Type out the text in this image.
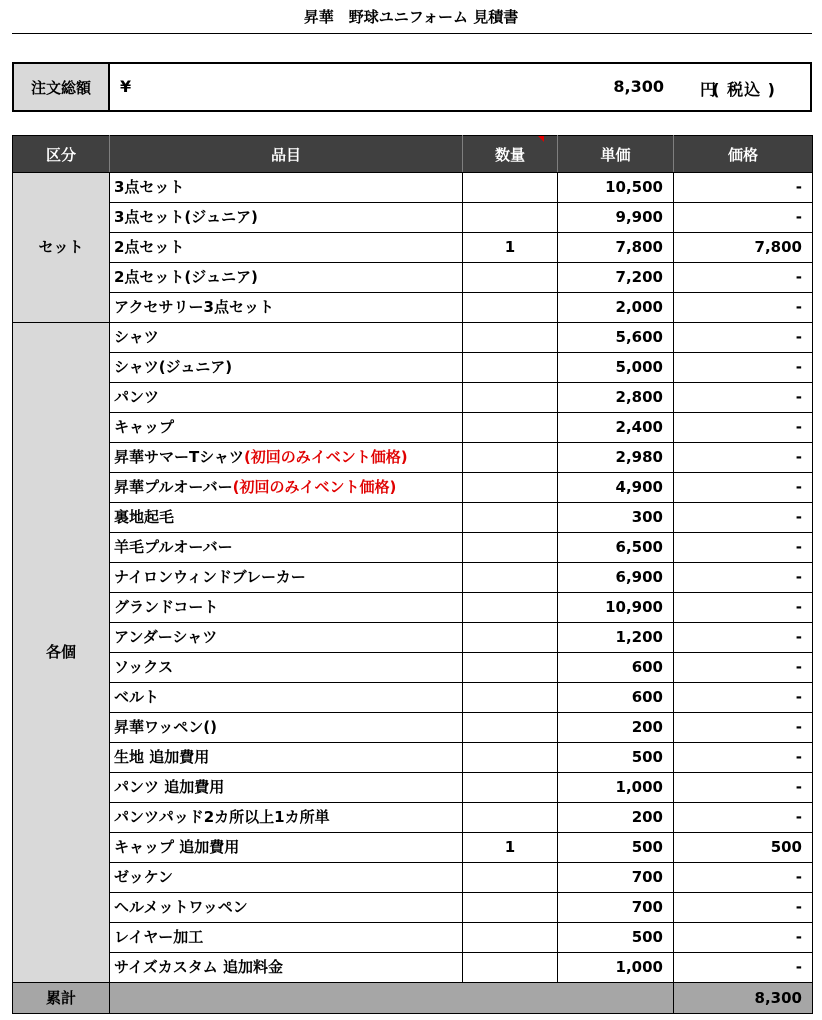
昇華　野球ユニフォーム 見積書
注文総額	¥	8,300 円
( 税込 )
区分	品目	数量	単価	価格
セット	3点セット		10,500	-
	3点セット(ジュニア)		9,900	-
	2点セット	1	7,800	7,800
	2点セット(ジュニア)		7,200	-
	アクセサリー3点セット		2,000	-
各個	シャツ		5,600	-
	シャツ(ジュニア)		5,000	-
	パンツ		2,800	-
	キャップ		2,400	-
	昇華サマーTシャツ(初回のみイベント価格)		2,980	-
	昇華プルオーバー(初回のみイベント価格)		4,900	-
	裏地起毛		300	-
	羊毛プルオーバー		6,500	-
	ナイロンウィンドブレーカー		6,900	-
	グランドコート		10,900	-
	アンダーシャツ		1,200	-
	ソックス		600	-
	ベルト		600	-
	昇華ワッペン()		200	-
	生地 追加費用		500	-
	パンツ 追加費用		1,000	-
	パンツパッド2カ所以上1カ所単		200	-
	キャップ 追加費用	1	500	500
	ゼッケン		700	-
	ヘルメットワッペン		700	-
	レイヤー加工		500	-
	サイズカスタム 追加料金		1,000	-
累計				8,300
